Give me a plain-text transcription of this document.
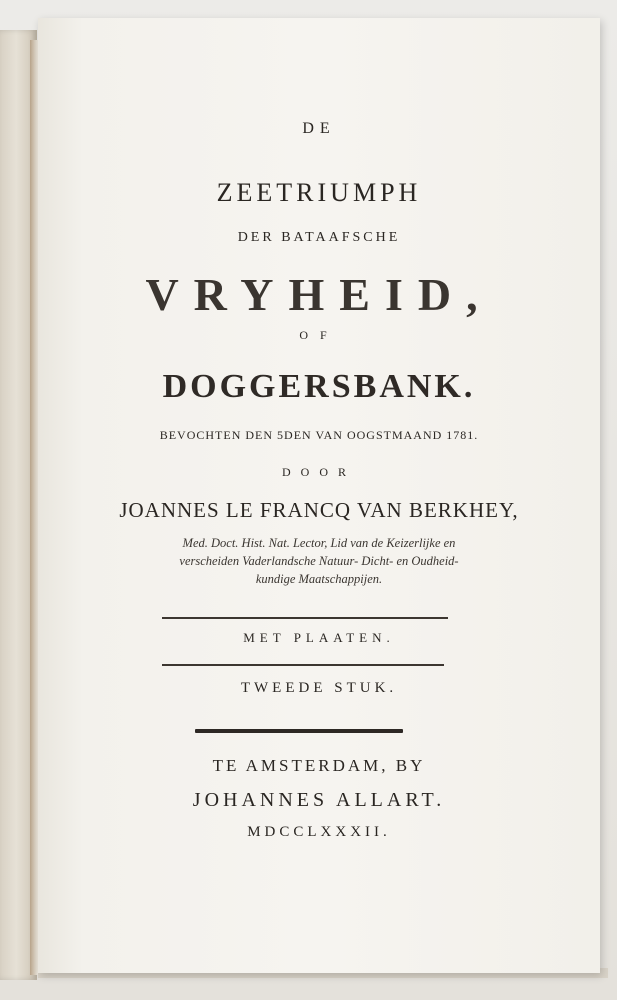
DE
ZEETRIUMPH
DER BATAAFSCHE
VRYHEID,
OF
DOGGERSBANK.
BEVOCHTEN DEN 5DEN VAN OOGSTMAAND 1781.
DOOR
JOANNES LE FRANCQ VAN BERKHEY,
Med. Doct. Hist. Nat. Lector, Lid van de Keizerlijke en
verscheiden Vaderlandsche Natuur- Dicht- en Oudheid-
kundige Maatschappijen.
MET PLAATEN.
TWEEDE STUK.
TE AMSTERDAM, BY
JOHANNES ALLART.
MDCCLXXXII.
